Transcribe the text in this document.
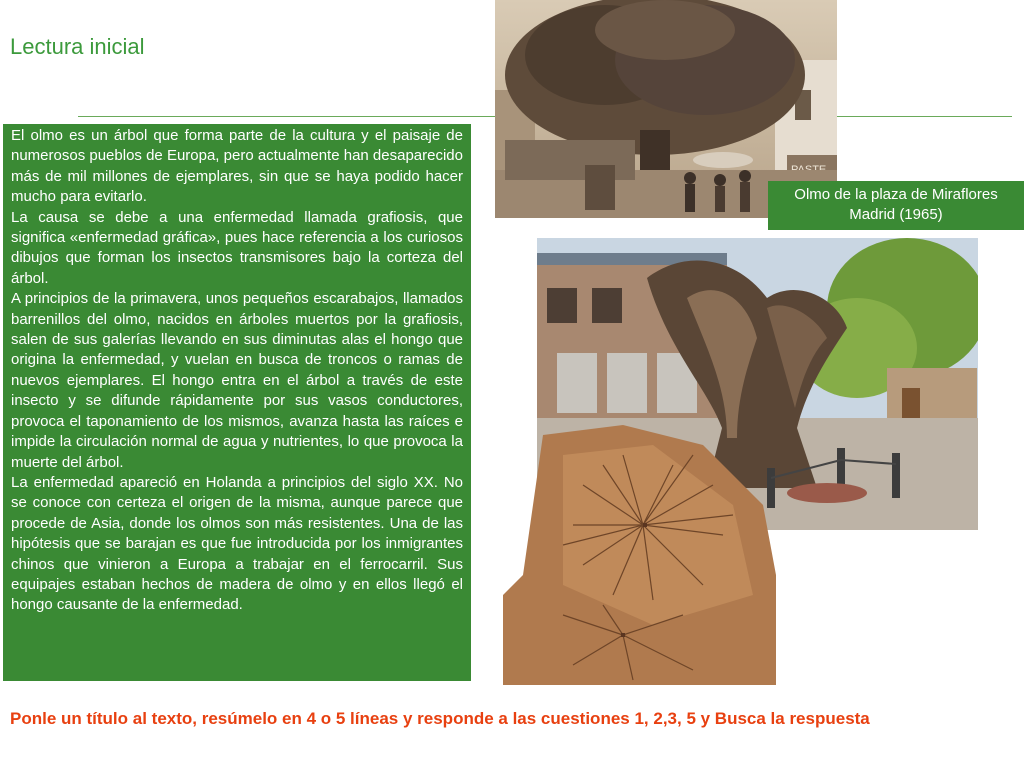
Lectura inicial

El olmo es un árbol que forma parte de la cultura y el paisaje de numerosos pueblos de Europa, pero actualmente han desaparecido más de mil millones de ejemplares, sin que se haya podido hacer mucho para evitarlo.

La causa se debe a una enfermedad llamada grafiosis, que significa «enfermedad gráfica», pues hace referencia a los curiosos dibujos que forman los insectos transmisores bajo la corteza del árbol.

A principios de la primavera, unos pequeños escarabajos, llamados barrenillos del olmo, nacidos en árboles muertos por la grafiosis, salen de sus galerías llevando en sus diminutas alas el hongo que origina la enfermedad, y vuelan en busca de troncos o ramas de nuevos ejemplares. El hongo entra en el árbol a través de este insecto y se difunde rápidamente por sus vasos conductores, provoca el taponamiento de los mismos, avanza hasta las raíces e impide la circulación normal de agua y nutrientes, lo que provoca la muerte del árbol.

La enfermedad apareció en Holanda a principios del siglo XX. No se conoce con certeza el origen de la misma, aunque parece que procede de Asia, donde los olmos son más resistentes. Una de las hipótesis que se barajan es que fue introducida por los inmigrantes chinos que vinieron a Europa a trabajar en el ferrocarril. Sus equipajes estaban hechos de madera de olmo y en ellos llegó el hongo causante de la enfermedad.

Olmo de la plaza de Miraflores
Madrid (1965)
Ponle un título al texto, resúmelo en 4 o 5 líneas y responde a las cuestiones 1, 2,3, 5 y Busca la respuesta
